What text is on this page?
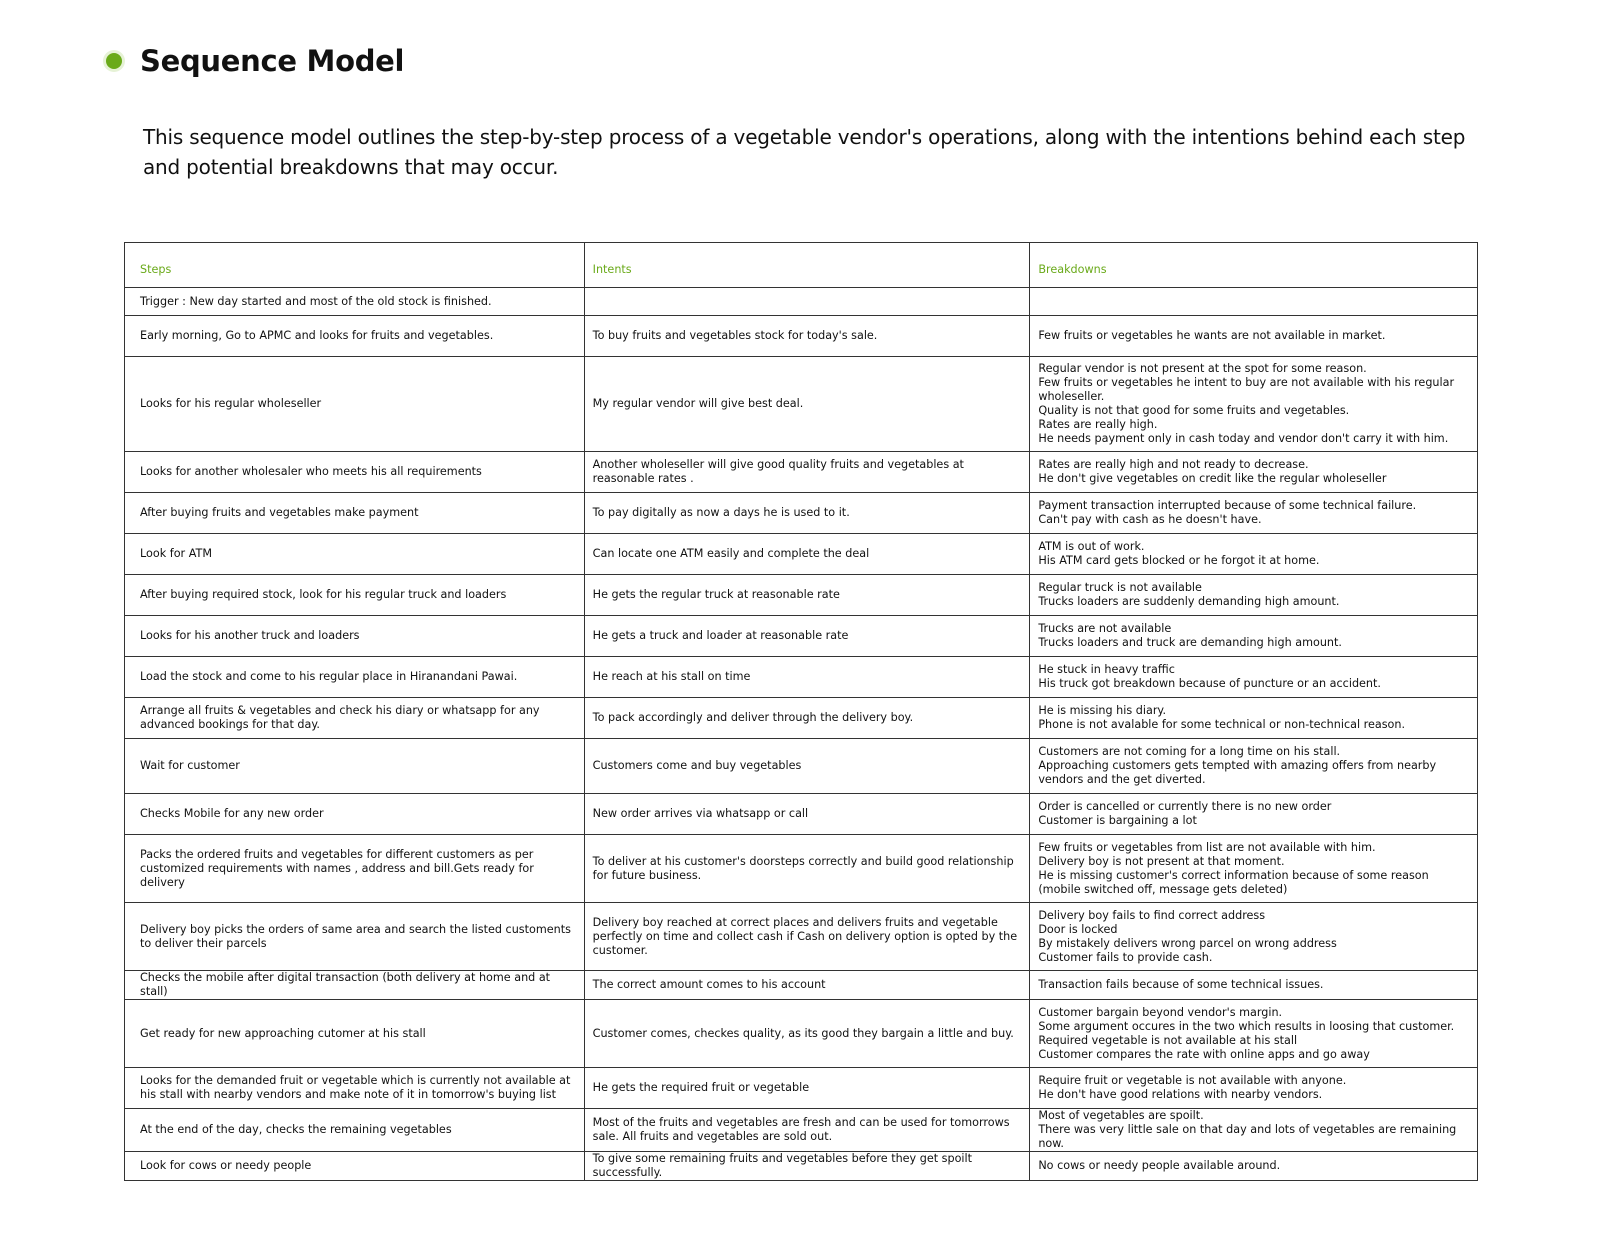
Sequence Model
This sequence model outlines the step-by-step process of a vegetable vendor's operations, along with the intentions behind each step and potential breakdowns that may occur.
Steps	Intents	Breakdowns
Trigger : New day started and most of the old stock is finished.		
Early morning, Go to APMC and looks for fruits and vegetables.	To buy fruits and vegetables stock for today's sale.	Few fruits or vegetables he wants are not available in market.

Looks for his regular wholeseller	My regular vendor will give best deal.	Regular vendor is not present at the spot for some reason.
Few fruits or vegetables he intent to buy are not available with his regular wholeseller.
Quality is not that good for some fruits and vegetables.
Rates are really high.
He needs payment only in cash today and vendor don't carry it with him.

Looks for another wholesaler who meets his all requirements	Another wholeseller will give good quality fruits and vegetables at reasonable rates .	Rates are really high and not ready to decrease.
He don't give vegetables on credit like the regular wholeseller

After buying fruits and vegetables make payment	To pay digitally as now a days he is used to it.	Payment transaction interrupted because of some technical failure.
Can't pay with cash as he doesn't have.

Look for ATM	Can locate one ATM easily and complete the deal	ATM is out of work.
His ATM card gets blocked or he forgot it at home.

After buying required stock, look for his regular truck and loaders	He gets the regular truck at reasonable rate	Regular truck is not available
Trucks loaders are suddenly demanding high amount.

Looks for his another truck and loaders	He gets a truck and loader at reasonable rate	Trucks are not available
Trucks loaders and truck are demanding high amount.

Load the stock and come to his regular place in Hiranandani Pawai.	He reach at his stall on time	He stuck in heavy traffic
His truck got breakdown because of puncture or an accident.

Arrange all fruits & vegetables and check his diary or whatsapp for any advanced bookings for that day.	To pack accordingly and deliver through the delivery boy.	He is missing his diary.
Phone is not avalable for some technical or non-technical reason.

Wait for customer	Customers come and buy vegetables	Customers are not coming for a long time on his stall.
Approaching customers gets tempted with amazing offers from nearby vendors and the get diverted.

Checks Mobile for any new order	New order arrives via whatsapp or call	Order is cancelled or currently there is no new order
Customer is bargaining a lot

Packs the ordered fruits and vegetables for different customers as per customized requirements with names , address and bill.Gets ready for delivery	To deliver at his customer's doorsteps correctly and build good relationship for future business.	Few fruits or vegetables from list are not available with him.
Delivery boy is not present at that moment.
He is missing customer's correct information because of some reason (mobile switched off, message gets deleted)

Delivery boy picks the orders of same area and search the listed customents to deliver their parcels	Delivery boy reached at correct places and delivers fruits and vegetable perfectly on time and collect cash if Cash on delivery option is opted by the customer.	Delivery boy fails to find correct address
Door is locked
By mistakely delivers wrong parcel on wrong address
Customer fails to provide cash.

Checks the mobile after digital transaction (both delivery at home and at stall)	The correct amount comes to his account	Transaction fails because of some technical issues.

Get ready for new approaching cutomer at his stall	Customer comes, checkes quality, as its good they bargain a little and buy.	Customer bargain beyond vendor's margin.
Some argument occures in the two which results in loosing that customer.
Required vegetable is not available at his stall
Customer compares the rate with online apps and go away

Looks for the demanded fruit or vegetable which is currently not available at his stall with nearby vendors and make note of it in tomorrow's buying list	He gets the required fruit or vegetable	Require fruit or vegetable is not available with anyone.
He don't have good relations with nearby vendors.

At the end of the day, checks the remaining vegetables	Most of the fruits and vegetables are fresh and can be used for tomorrows sale. All fruits and vegetables are sold out.	Most of vegetables are spoilt.
There was very little sale on that day and lots of vegetables are remaining now.

Look for cows or needy people	To give some remaining fruits and vegetables before they get spoilt successfully.	No cows or needy people available around.
